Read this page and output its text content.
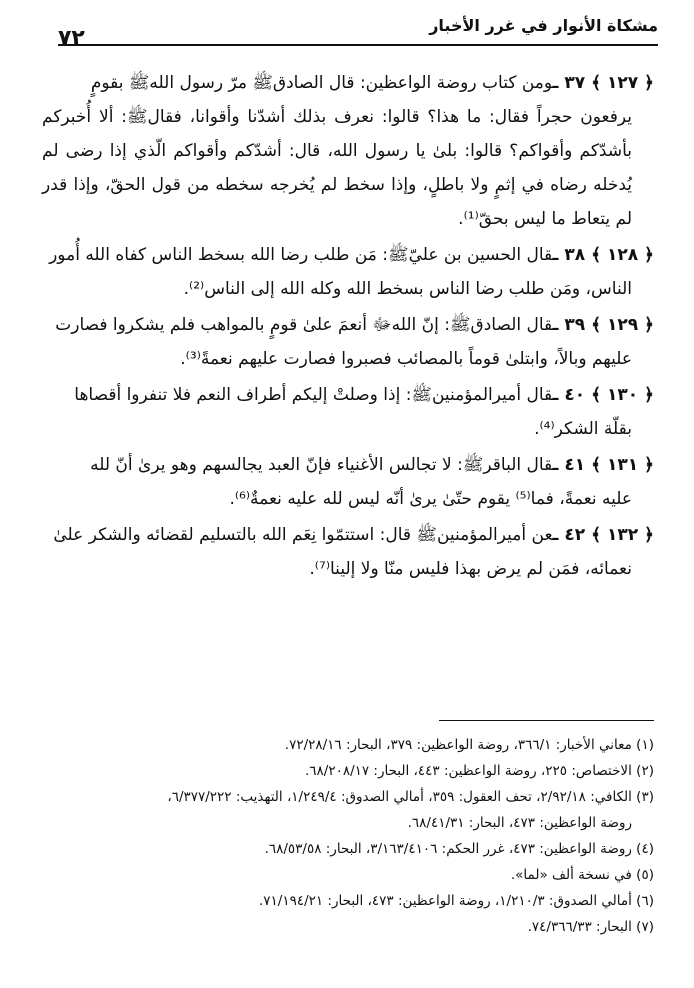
مشكاة الأنوار في غرر الأخبار
٧٢

﴿ ١٢٧ ﴾ ٣٧ ـومن كتاب روضة الواعظين: قال الصادقﷺ مرّ رسول اللهﷺ بقومٍ
يرفعون حجراً فقال: ما هذا؟ قالوا: نعرف بذلك أشدّنا وأقوانا، فقالﷺ: ألا أُخبركم بأشدّكم وأقواكم؟ قالوا: بلىٰ يا رسول الله، قال: أشدّكم وأقواكم الّذي إذا رضى لم يُدخله رضاه في إثمٍ ولا باطلٍ، وإذا سخط لم يُخرجه سخطه من قول الحقّ، وإذا قدر لم يتعاط ما ليس بحقّ⁽¹⁾.

﴿ ١٢٨ ﴾ ٣٨ ـقال الحسين بن عليّﷺ: مَن طلب رضا الله بسخط الناس كفاه الله أُمور
الناس، ومَن طلب رضا الناس بسخط الله وكله الله إلى الناس⁽²⁾.

﴿ ١٢٩ ﴾ ٣٩ ـقال الصادقﷺ: إنّ اللهﷻ أنعمَ علىٰ قومٍ بالمواهب فلم يشكروا فصارت
عليهم وبالاً، وابتلىٰ قوماً بالمصائب فصبروا فصارت عليهم نعمةً⁽³⁾.

﴿ ١٣٠ ﴾ ٤٠ ـقال أميرالمؤمنينﷺ: إذا وصلتْ إليكم أطراف النعم فلا تنفروا أقصاها
بقلّة الشكر⁽⁴⁾.

﴿ ١٣١ ﴾ ٤١ ـقال الباقرﷺ: لا تجالس الأغنياء فإنّ العبد يجالسهم وهو يرىٰ أنّ لله
عليه نعمةً، فما⁽⁵⁾ يقوم حتّىٰ يرىٰ أنّه ليس لله عليه نعمةٌ⁽⁶⁾.

﴿ ١٣٢ ﴾ ٤٢ ـعن أميرالمؤمنينﷺ قال: استتمّوا نِعَم الله بالتسليم لقضائه والشكر علىٰ
نعمائه، فمَن لم يرض بهذا فليس منّا ولا إلينا⁽⁷⁾.

(١) معاني الأخبار: ٣٦٦/١، روضة الواعظين: ٣٧٩، البحار: ٧٢/٢٨/١٦.

(٢) الاختصاص: ٢٢٥، روضة الواعظين: ٤٤٣، البحار: ٦٨/٢٠٨/١٧.

(٣) الكافي: ٢/٩٢/١٨، تحف العقول: ٣٥٩، أمالي الصدوق: ١/٢٤٩/٤، التهذيب: ٦/٣٧٧/٢٢٢،
روضة الواعظين: ٤٧٣، البحار: ٦٨/٤١/٣١.

(٤) روضة الواعظين: ٤٧٣، غرر الحكم: ٣/١٦٣/٤١٠٦، البحار: ٦٨/٥٣/٥٨.

(٥) في نسخة ألف «لما».

(٦) أمالي الصدوق: ١/٢١٠/٣، روضة الواعظين: ٤٧٣، البحار: ٧١/١٩٤/٢١.

(٧) البحار: ٧٤/٣٦٦/٣٣.
